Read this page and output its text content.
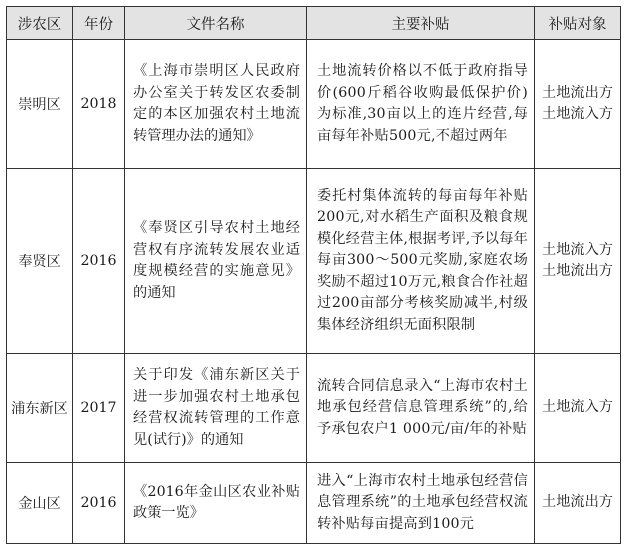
涉农区	年份	文件名称	主要补贴	补贴对象
崇明区	2018	《上海市崇明区人民政府办公室关于转发区农委制定的本区加强农村土地流转管理办法的通知》	土地流转价格以不低于政府指导价(600斤稻谷收购最低保护价)为标准,30亩以上的连片经营,每亩每年补贴500元,不超过两年	土地流出方
土地流入方

奉贤区	2016	《奉贤区引导农村土地经营权有序流转发展农业适度规模经营的实施意见》的通知	委托村集体流转的每亩每年补贴200元,对水稻生产面积及粮食规模化经营主体,根据考评,予以每年每亩300～500元奖励,家庭农场奖励不超过10万元,粮食合作社超过200亩部分考核奖励减半,村级集体经济组织无面积限制	土地流入方
土地流出方

浦东新区	2017	关于印发《浦东新区关于进一步加强农村土地承包经营权流转管理的工作意见(试行)》的通知	流转合同信息录入“上海市农村土地承包经营信息管理系统”的,给予承包农户1 000元/亩/年的补贴	土地流入方

金山区	2016	《2016年金山区农业补贴政策一览》	进入“上海市农村土地承包经营信息管理系统”的土地承包经营权流转补贴每亩提高到100元	土地流出方
